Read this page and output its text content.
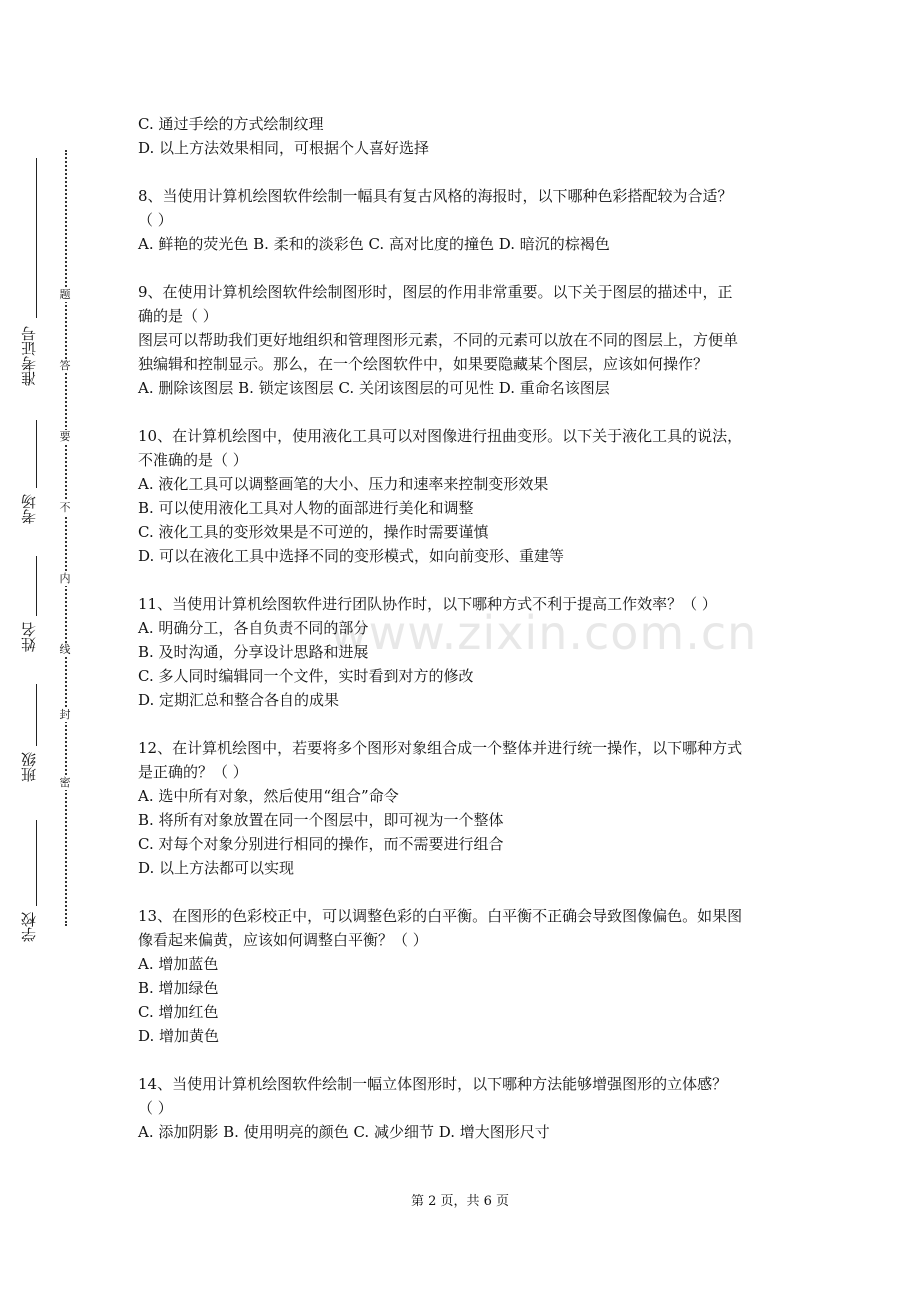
准考证号
考场
姓名
班级
学校
题
答
要
不
内
线
封
密
www.zixin.com.cn
C. 通过手绘的方式绘制纹理
D. 以上方法效果相同，可根据个人喜好选择
8、当使用计算机绘图软件绘制一幅具有复古风格的海报时，以下哪种色彩搭配较为合适？
（ ）
A. 鲜艳的荧光色 B. 柔和的淡彩色 C. 高对比度的撞色 D. 暗沉的棕褐色
9、在使用计算机绘图软件绘制图形时，图层的作用非常重要。以下关于图层的描述中，正
确的是（ ）
图层可以帮助我们更好地组织和管理图形元素，不同的元素可以放在不同的图层上，方便单
独编辑和控制显示。那么，在一个绘图软件中，如果要隐藏某个图层，应该如何操作？
A. 删除该图层 B. 锁定该图层 C. 关闭该图层的可见性 D. 重命名该图层
10、在计算机绘图中，使用液化工具可以对图像进行扭曲变形。以下关于液化工具的说法，
不准确的是（ ）
A. 液化工具可以调整画笔的大小、压力和速率来控制变形效果
B. 可以使用液化工具对人物的面部进行美化和调整
C. 液化工具的变形效果是不可逆的，操作时需要谨慎
D. 可以在液化工具中选择不同的变形模式，如向前变形、重建等
11、当使用计算机绘图软件进行团队协作时，以下哪种方式不利于提高工作效率？（ ）
A. 明确分工，各自负责不同的部分
B. 及时沟通，分享设计思路和进展
C. 多人同时编辑同一个文件，实时看到对方的修改
D. 定期汇总和整合各自的成果
12、在计算机绘图中，若要将多个图形对象组合成一个整体并进行统一操作，以下哪种方式
是正确的？（ ）
A. 选中所有对象，然后使用“组合”命令
B. 将所有对象放置在同一个图层中，即可视为一个整体
C. 对每个对象分别进行相同的操作，而不需要进行组合
D. 以上方法都可以实现
13、在图形的色彩校正中，可以调整色彩的白平衡。白平衡不正确会导致图像偏色。如果图
像看起来偏黄，应该如何调整白平衡？（ ）
A. 增加蓝色
B. 增加绿色
C. 增加红色
D. 增加黄色
14、当使用计算机绘图软件绘制一幅立体图形时，以下哪种方法能够增强图形的立体感？
（ ）
A. 添加阴影 B. 使用明亮的颜色 C. 减少细节 D. 增大图形尺寸
第 2 页，共 6 页
